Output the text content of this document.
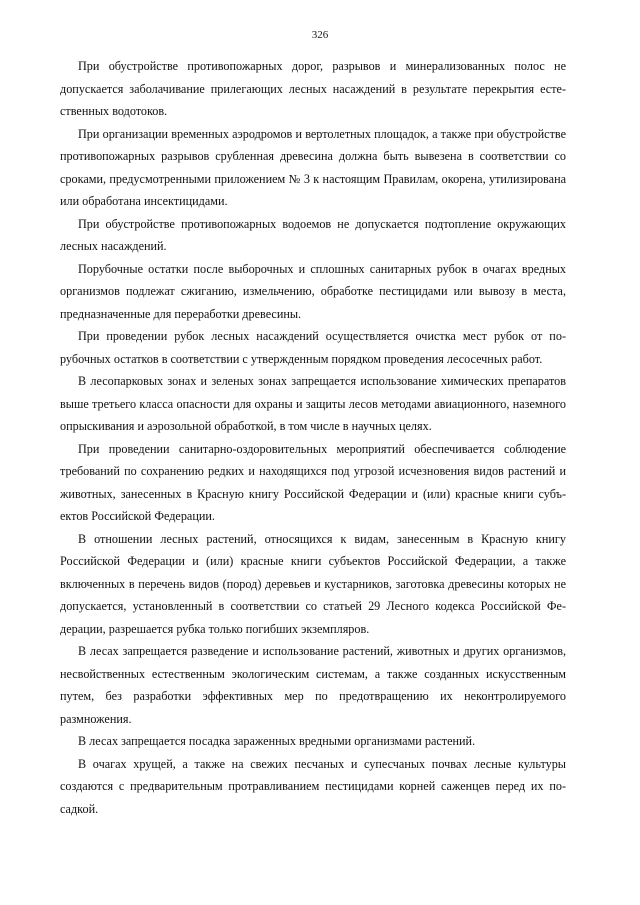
326

При обустройстве противопожарных дорог, разрывов и минерализованных полос не допускается заболачивание прилегающих лесных насаждений в результате перекрытия естественных водотоков.

При организации временных аэродромов и вертолетных площадок, а также при обустройстве противопожарных разрывов срубленная древесина должна быть вывезена в соответствии со сроками, предусмотренными приложением № 3 к настоящим Правилам, окорена, утилизирована или обработана инсектицидами.

При обустройстве противопожарных водоемов не допускается подтопление окружающих лесных насаждений.

Порубочные остатки после выборочных и сплошных санитарных рубок в очагах вредных организмов подлежат сжиганию, измельчению, обработке пестицидами или вывозу в места, предназначенные для переработки древесины.

При проведении рубок лесных насаждений осуществляется очистка мест рубок от порубочных остатков в соответствии с утвержденным порядком проведения лесосечных работ.

В лесопарковых зонах и зеленых зонах запрещается использование химических препаратов выше третьего класса опасности для охраны и защиты лесов методами авиационного, наземного опрыскивания и аэрозольной обработкой, в том числе в научных целях.

При проведении санитарно-оздоровительных мероприятий обеспечивается соблюдение требований по сохранению редких и находящихся под угрозой исчезновения видов растений и животных, занесенных в Красную книгу Российской Федерации и (или) красные книги субъектов Российской Федерации.

В отношении лесных растений, относящихся к видам, занесенным в Красную книгу Российской Федерации и (или) красные книги субъектов Российской Федерации, а также включенных в перечень видов (пород) деревьев и кустарников, заготовка древесины которых не допускается, установленный в соответствии со статьей 29 Лесного кодекса Российской Федерации, разрешается рубка только погибших экземпляров.

В лесах запрещается разведение и использование растений, животных и других организмов, несвойственных естественным экологическим системам, а также созданных искусственным путем, без разработки эффективных мер по предотвращению их неконтролируемого размножения.

В лесах запрещается посадка зараженных вредными организмами растений.

В очагах хрущей, а также на свежих песчаных и супесчаных почвах лесные культуры создаются с предварительным протравливанием пестицидами корней саженцев перед их посадкой.
